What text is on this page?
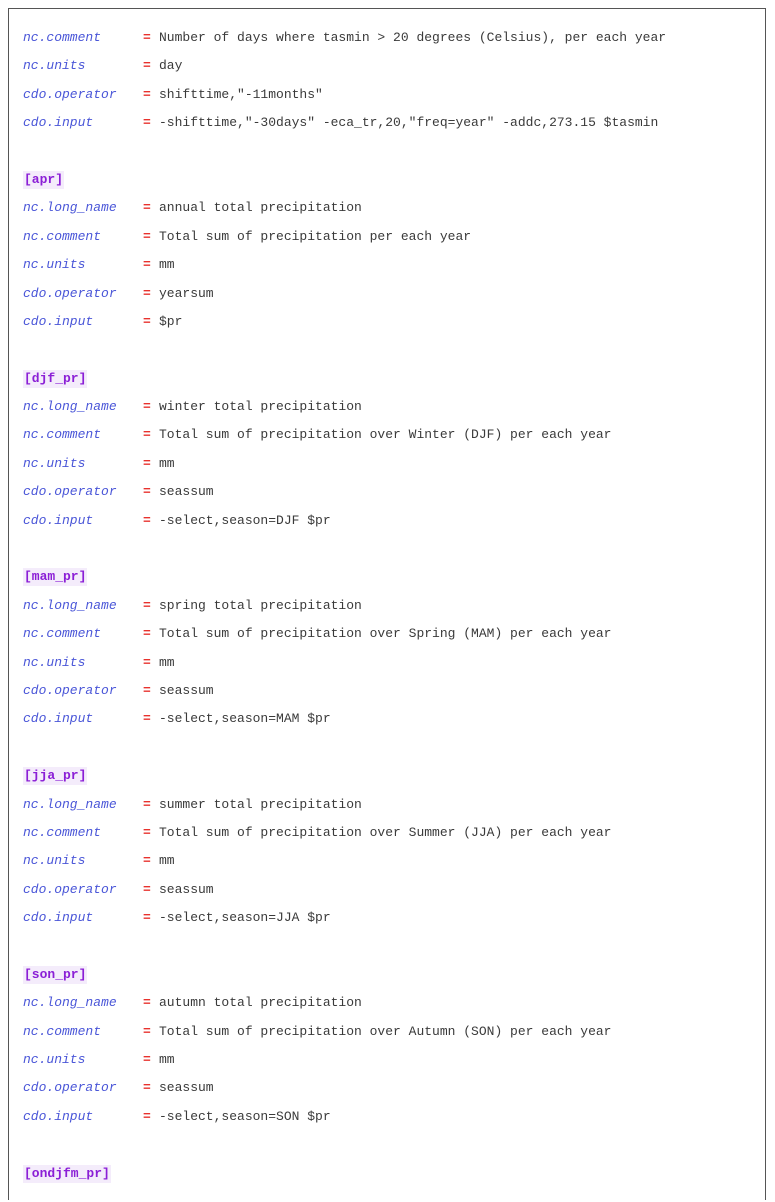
nc.comment	= Number of days where tasmin > 20 degrees (Celsius), per each year
nc.units	= day
cdo.operator = shifttime,"-11months"
cdo.input	= -shifttime,"-30days" -eca_tr,20,"freq=year" -addc,273.15 $tasmin
[apr]
nc.long_name = annual total precipitation
nc.comment	= Total sum of precipitation per each year
nc.units	= mm
cdo.operator = yearsum
cdo.input	= $pr
[djf_pr]
nc.long_name = winter total precipitation
nc.comment	= Total sum of precipitation over Winter (DJF) per each year
nc.units	= mm
cdo.operator = seassum
cdo.input	= -select,season=DJF $pr
[mam_pr]
nc.long_name = spring total precipitation
nc.comment	= Total sum of precipitation over Spring (MAM) per each year
nc.units	= mm
cdo.operator = seassum
cdo.input	= -select,season=MAM $pr
[jja_pr]
nc.long_name = summer total precipitation
nc.comment	= Total sum of precipitation over Summer (JJA) per each year
nc.units	= mm
cdo.operator = seassum
cdo.input	= -select,season=JJA $pr
[son_pr]
nc.long_name = autumn total precipitation
nc.comment	= Total sum of precipitation over Autumn (SON) per each year
nc.units	= mm
cdo.operator = seassum
cdo.input	= -select,season=SON $pr
[ondjfm_pr]
